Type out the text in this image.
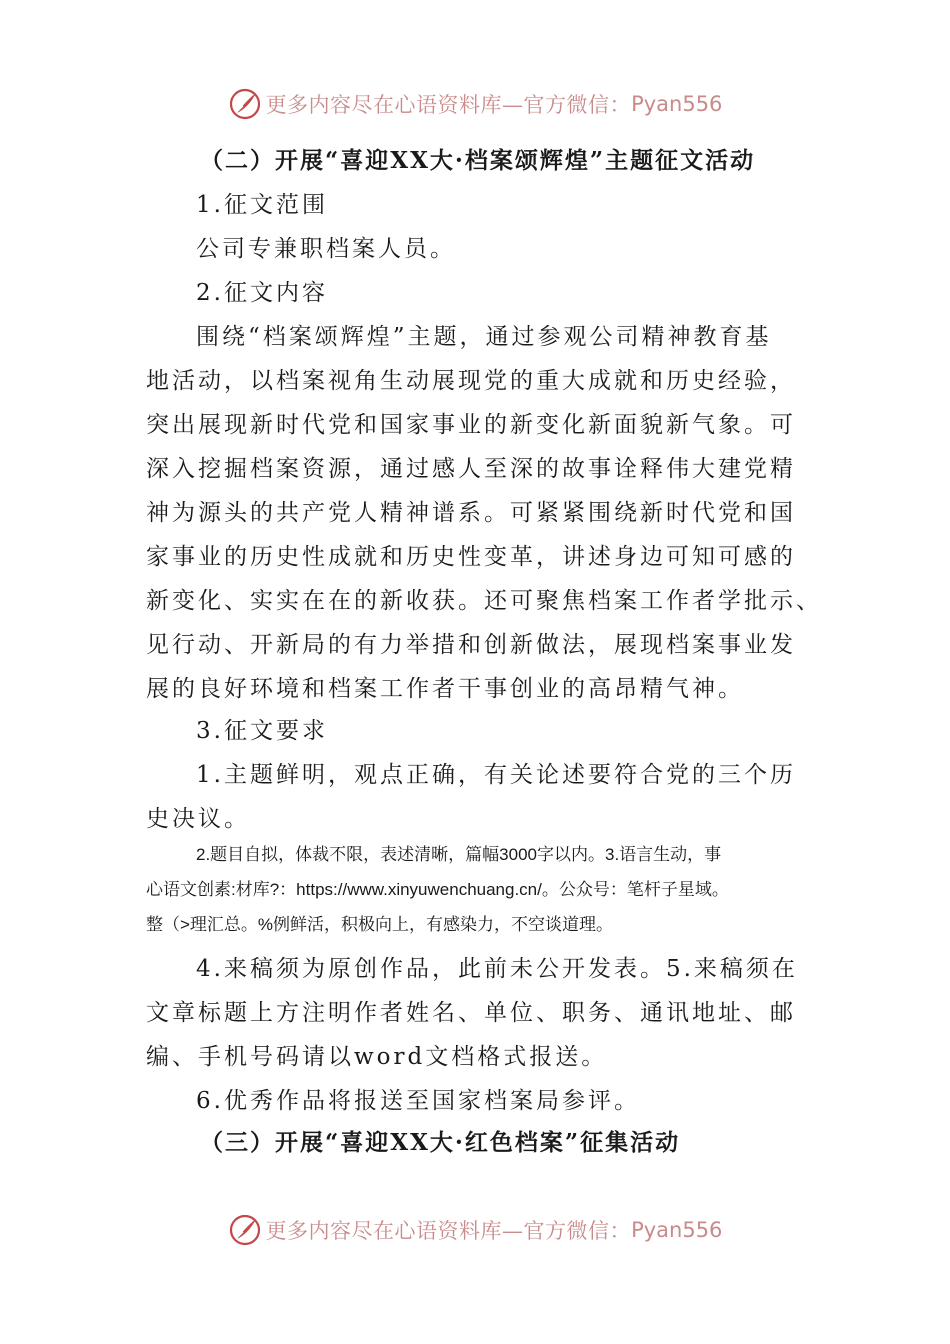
更多内容尽在心语资料库—官方微信： Pyan556
（二）开展“喜迎XX大·档案颂辉煌”主题征文活动
1.征文范围
公司专兼职档案人员。
2.征文内容
围绕“档案颂辉煌”主题，通过参观公司精神教育基
地活动，以档案视角生动展现党的重大成就和历史经验，
突出展现新时代党和国家事业的新变化新面貌新气象。可
深入挖掘档案资源，通过感人至深的故事诠释伟大建党精
神为源头的共产党人精神谱系。可紧紧围绕新时代党和国
家事业的历史性成就和历史性变革，讲述身边可知可感的
新变化、实实在在的新收获。还可聚焦档案工作者学批示、
见行动、开新局的有力举措和创新做法，展现档案事业发
展的良好环境和档案工作者干事创业的高昂精气神。
3.征文要求
1.主题鲜明，观点正确，有关论述要符合党的三个历
史决议。
2.题目自拟，体裁不限，表述清晰，篇幅3000字以内。3.语言生动，事
心语文创素:材库?：https://www.xinyuwenchuang.cn/。公众号：笔杆子星域。
整（>理汇总。%例鲜活，积极向上，有感染力，不空谈道理。
4.来稿须为原创作品，此前未公开发表。5.来稿须在
文章标题上方注明作者姓名、单位、职务、通讯地址、邮
编、手机号码请以word文档格式报送。
6.优秀作品将报送至国家档案局参评。
（三）开展“喜迎XX大·红色档案”征集活动
更多内容尽在心语资料库—官方微信： Pyan556
